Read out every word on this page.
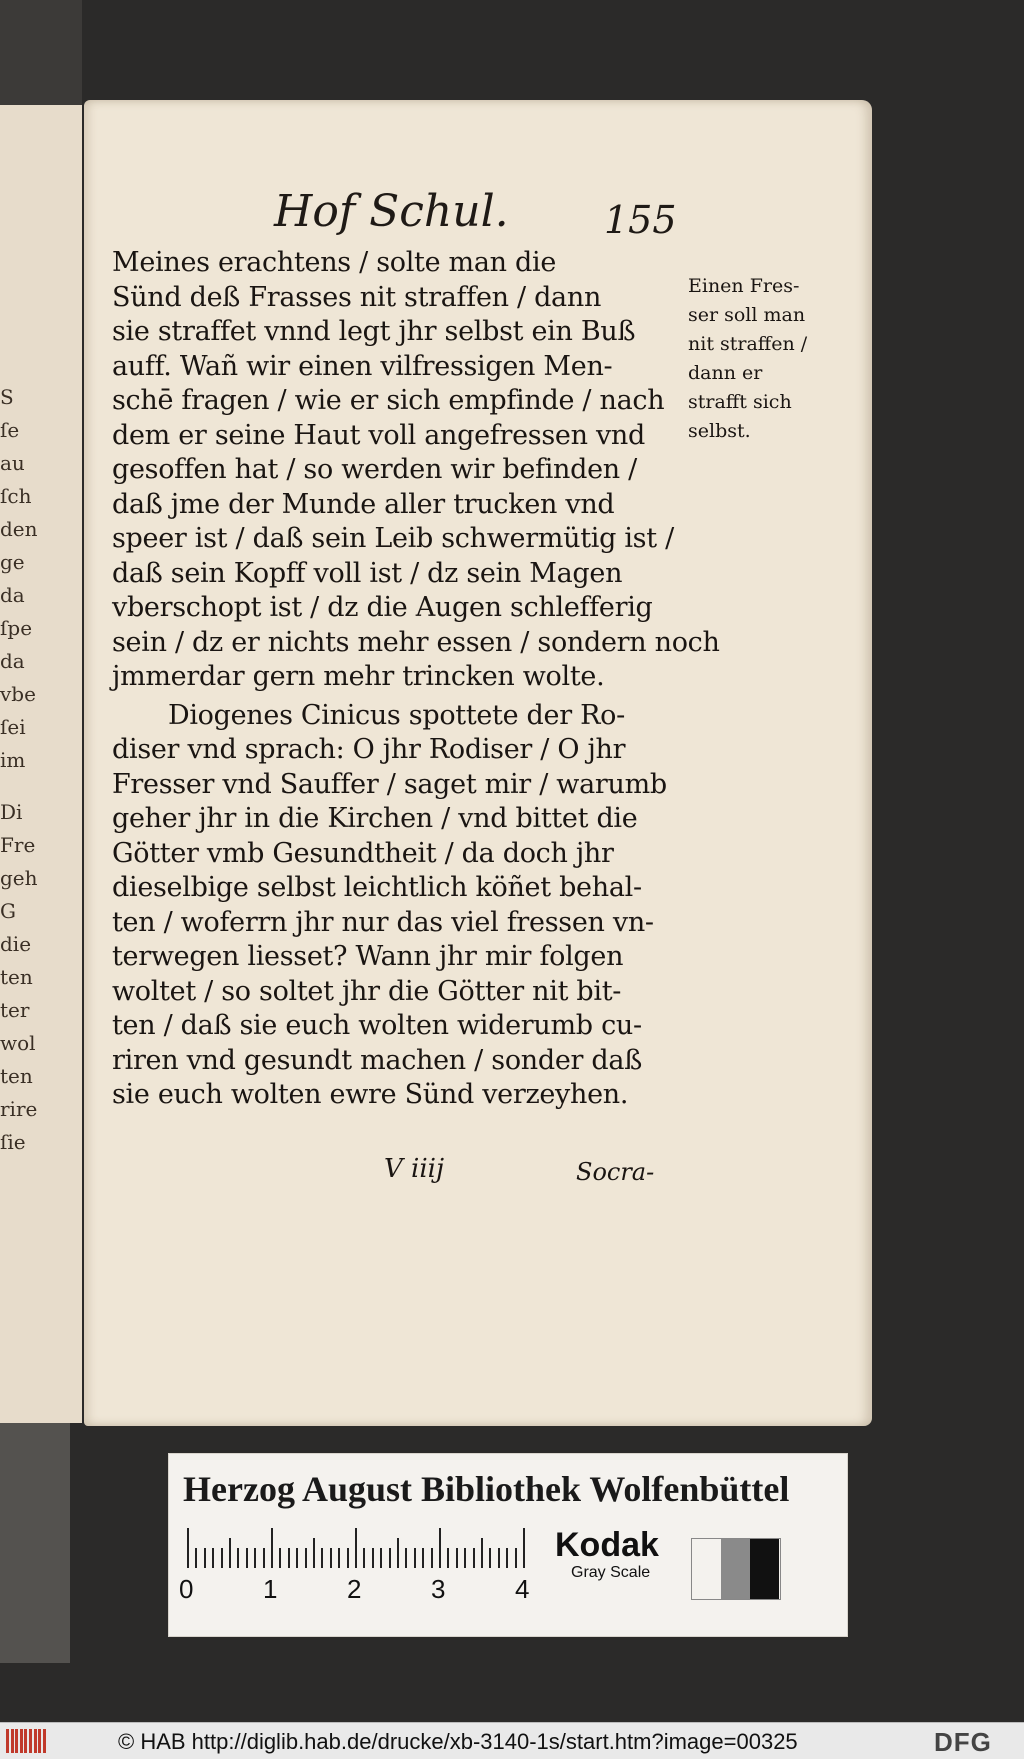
S
ſe
au
ſch
den
ge
da
ſpe
da
vbe
ſei
im
Di
Fre
geh
G
die
ten
ter
wol
ten
rire
ſie
Hof Schul.	155
Meines erachtens / solte man die
Sünd deß Frasses nit straffen / dann
sie straffet vnnd legt jhr selbst ein Buß
auff. Wañ wir einen vilfressigen Men-
schē fragen / wie er sich empfinde / nach
dem er seine Haut voll angefressen vnd
gesoffen hat / so werden wir befinden /
daß jme der Munde aller trucken vnd
speer ist / daß sein Leib schwermütig ist /
daß sein Kopff voll ist / dz sein Magen
vberschopt ist / dz die Augen schlefferig
sein / dz er nichts mehr essen / sondern noch
jmmerdar gern mehr trincken wolte.
Diogenes Cinicus spottete der Ro-
diser vnd sprach: O jhr Rodiser / O jhr
Fresser vnd Sauffer / saget mir / warumb
geher jhr in die Kirchen / vnd bittet die
Götter vmb Gesundtheit / da doch jhr
dieselbige selbst leichtlich köñet behal-
ten / woferrn jhr nur das viel fressen vn-
terwegen liesset? Wann jhr mir folgen
woltet / so soltet jhr die Götter nit bit-
ten / daß sie euch wolten widerumb cu-
riren vnd gesundt machen / sonder daß
sie euch wolten ewre Sünd verzeyhen.
Einen Fres-
ser soll man
nit straffen /
dann er
strafft sich
selbst.
V iiij	Socra-
Herzog August Bibliothek Wolfenbüttel
0	1	2	3	4
Kodak
Gray Scale
© HAB http://diglib.hab.de/drucke/xb-3140-1s/start.htm?image=00325	DFG
